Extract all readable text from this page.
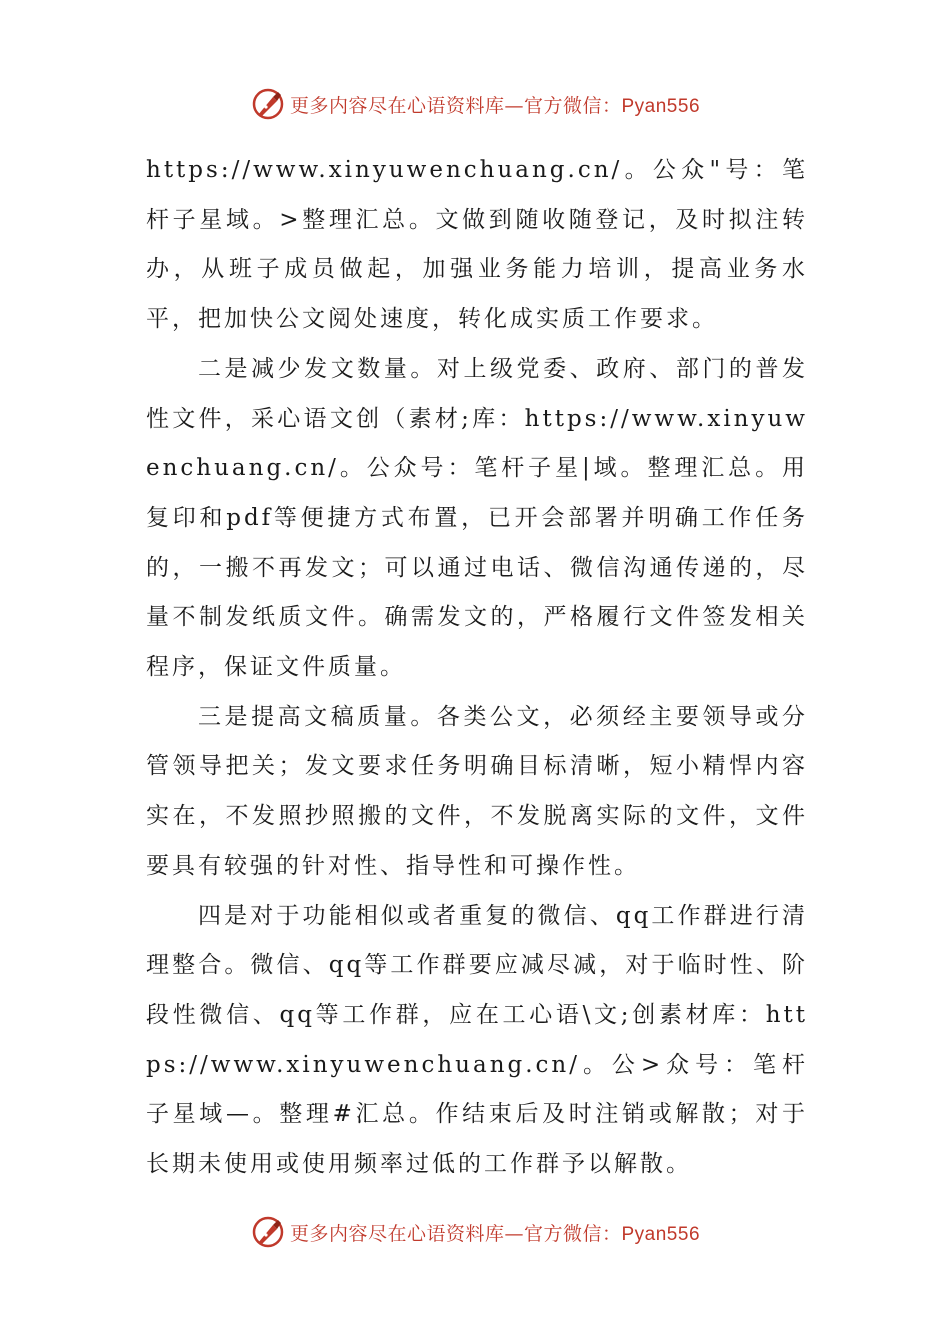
更多内容尽在心语资料库—官方微信：Pyan556

https://www.xinyuwenchuang.cn/。公众"号：笔杆子星域。>整理汇总。文做到随收随登记，及时拟注转办，从班子成员做起，加强业务能力培训，提高业务水平，把加快公文阅处速度，转化成实质工作要求。

二是减少发文数量。对上级党委、政府、部门的普发性文件，采心语文创（素材;库：https://www.xinyuwenchuang.cn/。公众号：笔杆子星|域。整理汇总。用复印和pdf等便捷方式布置，已开会部署并明确工作任务的，一搬不再发文；可以通过电话、微信沟通传递的，尽量不制发纸质文件。确需发文的，严格履行文件签发相关程序，保证文件质量。

三是提高文稿质量。各类公文，必须经主要领导或分管领导把关；发文要求任务明确目标清晰，短小精悍内容实在，不发照抄照搬的文件，不发脱离实际的文件，文件要具有较强的针对性、指导性和可操作性。

四是对于功能相似或者重复的微信、qq工作群进行清理整合。微信、qq等工作群要应减尽减，对于临时性、阶段性微信、qq等工作群，应在工心语\文;创素材库：https://www.xinyuwenchuang.cn/。公>众号：笔杆子星域—。整理#汇总。作结束后及时注销或解散；对于长期未使用或使用频率过低的工作群予以解散。

更多内容尽在心语资料库—官方微信：Pyan556
